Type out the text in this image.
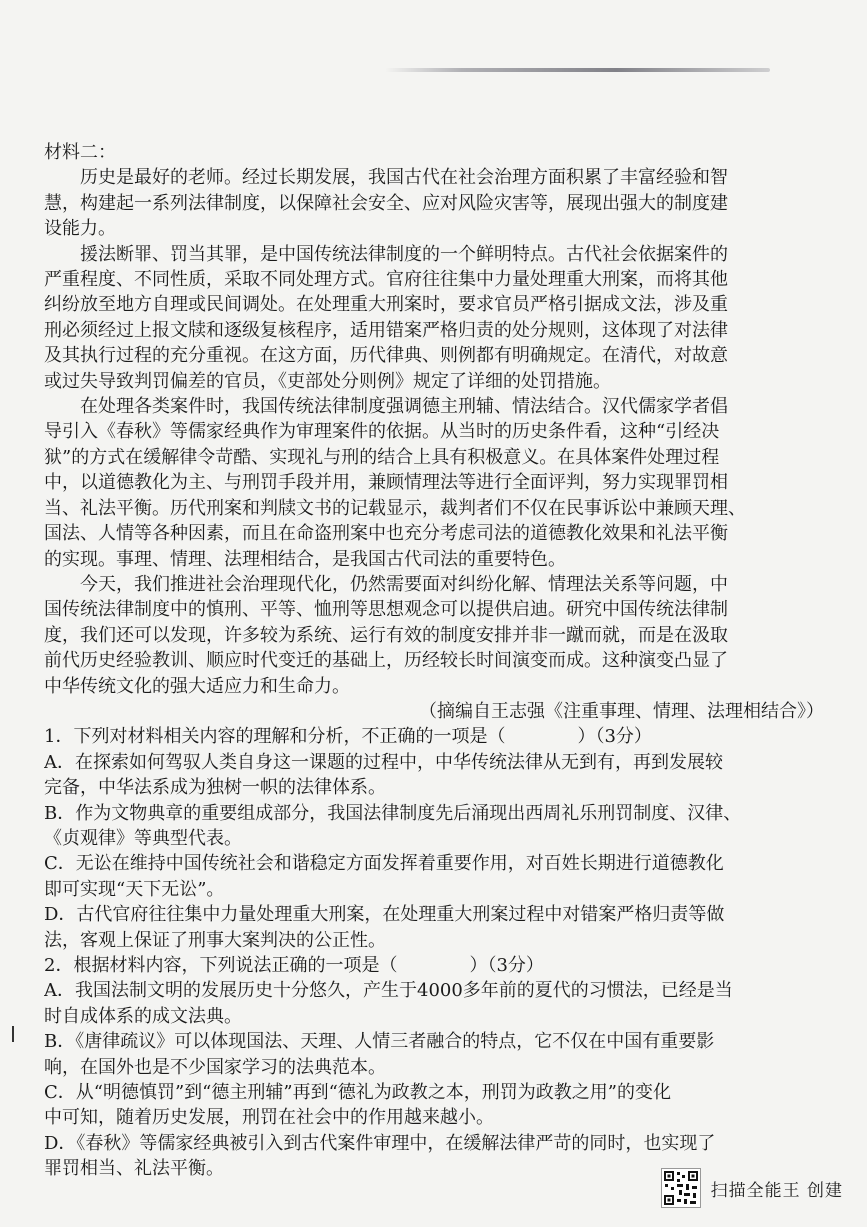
材料二：
历史是最好的老师。经过长期发展，我国古代在社会治理方面积累了丰富经验和智
慧，构建起一系列法律制度，以保障社会安全、应对风险灾害等，展现出强大的制度建
设能力。
援法断罪、罚当其罪，是中国传统法律制度的一个鲜明特点。古代社会依据案件的
严重程度、不同性质，采取不同处理方式。官府往往集中力量处理重大刑案，而将其他
纠纷放至地方自理或民间调处。在处理重大刑案时，要求官员严格引据成文法，涉及重
刑必须经过上报文牍和逐级复核程序，适用错案严格归责的处分规则，这体现了对法律
及其执行过程的充分重视。在这方面，历代律典、则例都有明确规定。在清代，对故意
或过失导致判罚偏差的官员，《吏部处分则例》规定了详细的处罚措施。
在处理各类案件时，我国传统法律制度强调德主刑辅、情法结合。汉代儒家学者倡
导引入《春秋》等儒家经典作为审理案件的依据。从当时的历史条件看，这种“引经决
狱”的方式在缓解律令苛酷、实现礼与刑的结合上具有积极意义。在具体案件处理过程
中，以道德教化为主、与刑罚手段并用，兼顾情理法等进行全面评判，努力实现罪罚相
当、礼法平衡。历代刑案和判牍文书的记载显示，裁判者们不仅在民事诉讼中兼顾天理、
国法、人情等各种因素，而且在命盗刑案中也充分考虑司法的道德教化效果和礼法平衡
的实现。事理、情理、法理相结合，是我国古代司法的重要特色。
今天，我们推进社会治理现代化，仍然需要面对纠纷化解、情理法关系等问题，中
国传统法律制度中的慎刑、平等、恤刑等思想观念可以提供启迪。研究中国传统法律制
度，我们还可以发现，许多较为系统、运行有效的制度安排并非一蹴而就，而是在汲取
前代历史经验教训、顺应时代变迁的基础上，历经较长时间演变而成。这种演变凸显了
中华传统文化的强大适应力和生命力。
（摘编自王志强《注重事理、情理、法理相结合》）
1．下列对材料相关内容的理解和分析，不正确的一项是（　　　　）（3分）
A．在探索如何驾驭人类自身这一课题的过程中，中华传统法律从无到有，再到发展较
完备，中华法系成为独树一帜的法律体系。
B．作为文物典章的重要组成部分，我国法律制度先后涌现出西周礼乐刑罚制度、汉律、
《贞观律》等典型代表。
C．无讼在维持中国传统社会和谐稳定方面发挥着重要作用，对百姓长期进行道德教化
即可实现“天下无讼”。
D．古代官府往往集中力量处理重大刑案，在处理重大刑案过程中对错案严格归责等做
法，客观上保证了刑事大案判决的公正性。
2．根据材料内容，下列说法正确的一项是（　　　　）（3分）
A．我国法制文明的发展历史十分悠久，产生于4000多年前的夏代的习惯法，已经是当
时自成体系的成文法典。
B．《唐律疏议》可以体现国法、天理、人情三者融合的特点，它不仅在中国有重要影
响，在国外也是不少国家学习的法典范本。
C．从“明德慎罚”到“德主刑辅”再到“德礼为政教之本，刑罚为政教之用”的变化
中可知，随着历史发展，刑罚在社会中的作用越来越小。
D．《春秋》等儒家经典被引入到古代案件审理中，在缓解法律严苛的同时，也实现了
罪罚相当、礼法平衡。
扫描全能王 创建
